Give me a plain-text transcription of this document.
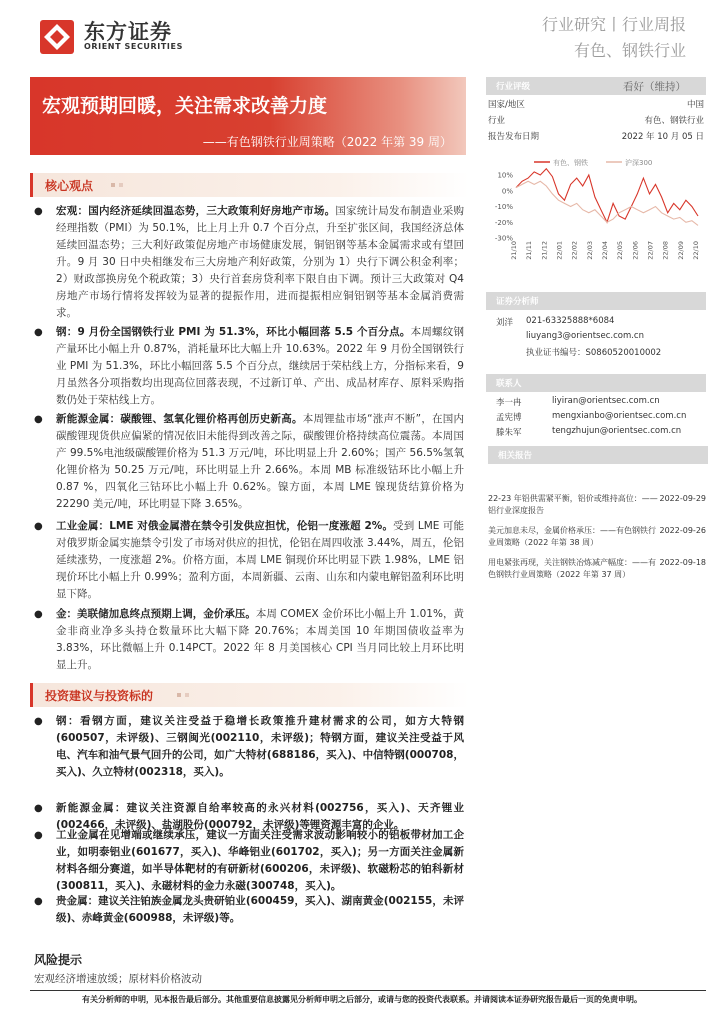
东方证券
ORIENT SECURITIES
行业研究丨行业周报
有色、钢铁行业
宏观预期回暖，关注需求改善力度
——有色钢铁行业周策略（2022 年第 39 周）
核心观点
● 宏观：国内经济延续回温态势，三大政策利好房地产市场。国家统计局发布制造业采购经理指数（PMI）为 50.1%，比上月上升 0.7 个百分点，升至扩张区间，我国经济总体延续回温态势；三大利好政策促房地产市场健康发展，铜铝钢等基本金属需求或有望回升。9 月 30 日中央相继发布三大房地产利好政策，分别为 1）央行下调公积金利率；2）财政部换房免个税政策；3）央行首套房贷利率下限自由下调。预计三大政策对 Q4 房地产市场行情将发挥较为显著的提振作用，进而提振相应铜铝钢等基本金属消费需求。
● 钢：9 月份全国钢铁行业 PMI 为 51.3%，环比小幅回落 5.5 个百分点。本周螺纹钢产量环比小幅上升 0.87%，消耗量环比大幅上升 10.63%。2022 年 9 月份全国钢铁行业 PMI 为 51.3%，环比小幅回落 5.5 个百分点，继续居于荣枯线上方，分指标来看，9 月虽然各分项指数均出现高位回落表现，不过新订单、产出、成品材库存、原料采购指数仍处于荣枯线上方。
● 新能源金属：碳酸锂、氢氧化锂价格再创历史新高。本周锂盐市场“涨声不断”，在国内碳酸锂现货供应偏紧的情况依旧未能得到改善之际，碳酸锂价格持续高位震荡。本周国产 99.5%电池级碳酸锂价格为 51.3 万元/吨，环比明显上升 2.60%；国产 56.5%氢氧化锂价格为 50.25 万元/吨，环比明显上升 2.66%。本周 MB 标准级钴环比小幅上升 0.87 %，四氧化三钴环比小幅上升 0.62%。镍方面，本周 LME 镍现货结算价格为 22290 美元/吨，环比明显下降 3.65%。
● 工业金属：LME 对俄金属潜在禁令引发供应担忧，伦铝一度涨超 2%。受到 LME 可能对俄罗斯金属实施禁令引发了市场对供应的担忧，伦铝在周四收涨 3.44%，周五，伦铝延续涨势，一度涨超 2%。价格方面，本周 LME 铜现价环比明显下跌 1.98%，LME 铝现价环比小幅上升 0.99%；盈利方面，本周新疆、云南、山东和内蒙电解铝盈利环比明显下降。
● 金：美联储加息终点预期上调，金价承压。本周 COMEX 金价环比小幅上升 1.01%，黄金非商业净多头持仓数量环比大幅下降 20.76%；本周美国 10 年期国债收益率为 3.83%，环比微幅上升 0.14PCT。2022 年 8 月美国核心 CPI 当月同比较上月环比明显上升。
投资建议与投资标的
● 钢：看钢方面，建议关注受益于稳增长政策推升建材需求的公司，如方大特钢(600507，未评级)、三钢闽光(002110，未评级)；特钢方面，建议关注受益于风电、汽车和油气景气回升的公司，如广大特材(688186，买入)、中信特钢(000708，买入)、久立特材(002318，买入)。
● 新能源金属：建议关注资源自给率较高的永兴材料(002756，买入)、天齐锂业(002466，未评级)、盐湖股份(000792，未评级)等锂资源丰富的企业。
● 工业金属在见增端或继续承压，建议一方面关注受需求波动影响较小的铝板带材加工企业，如明泰铝业(601677，买入)、华峰铝业(601702，买入)；另一方面关注金属新材料各细分赛道，如半导体靶材的有研新材(600206，未评级)、软磁粉芯的铂科新材(300811，买入)、永磁材料的金力永磁(300748，买入)。
● 贵金属：建议关注铂族金属龙头贵研铂业(600459，买入)、湖南黄金(002155，未评级)、赤峰黄金(600988，未评级)等。
行业评级	看好（维持）
国家/地区	中国
行业	有色、钢铁行业
报告发布日期	2022 年 10 月 05 日
有色、钢铁	沪深300
10%
0%
-10%
-20%
-30%
21/10 21/11 21/12 22/01 22/02 22/03 22/04 22/05 22/06 22/07 22/08 22/09 22/10
证券分析师
刘洋 021-63325888*6084
liuyang3@orientsec.com.cn
执业证书编号：S0860520010002
联系人
李一冉	liyiran@orientsec.com.cn
孟宪博	mengxianbo@orientsec.com.cn
滕朱军	tengzhujun@orientsec.com.cn
相关报告
22-23 年铝供需紧平衡，铝价或维持高位：——铝行业深度报告
2022-09-29
美元加息未尽，金属价格承压：——有色钢铁行业周策略（2022 年第 38 周）
2022-09-26
用电紧张再现，关注钢铁冶炼减产幅度：——有色钢铁行业周策略（2022 年第 37 周）
2022-09-18
风险提示
宏观经济增速放缓；原材料价格波动
有关分析师的申明，见本报告最后部分。其他重要信息披露见分析师申明之后部分，或请与您的投资代表联系。并请阅读本证券研究报告最后一页的免责申明。
